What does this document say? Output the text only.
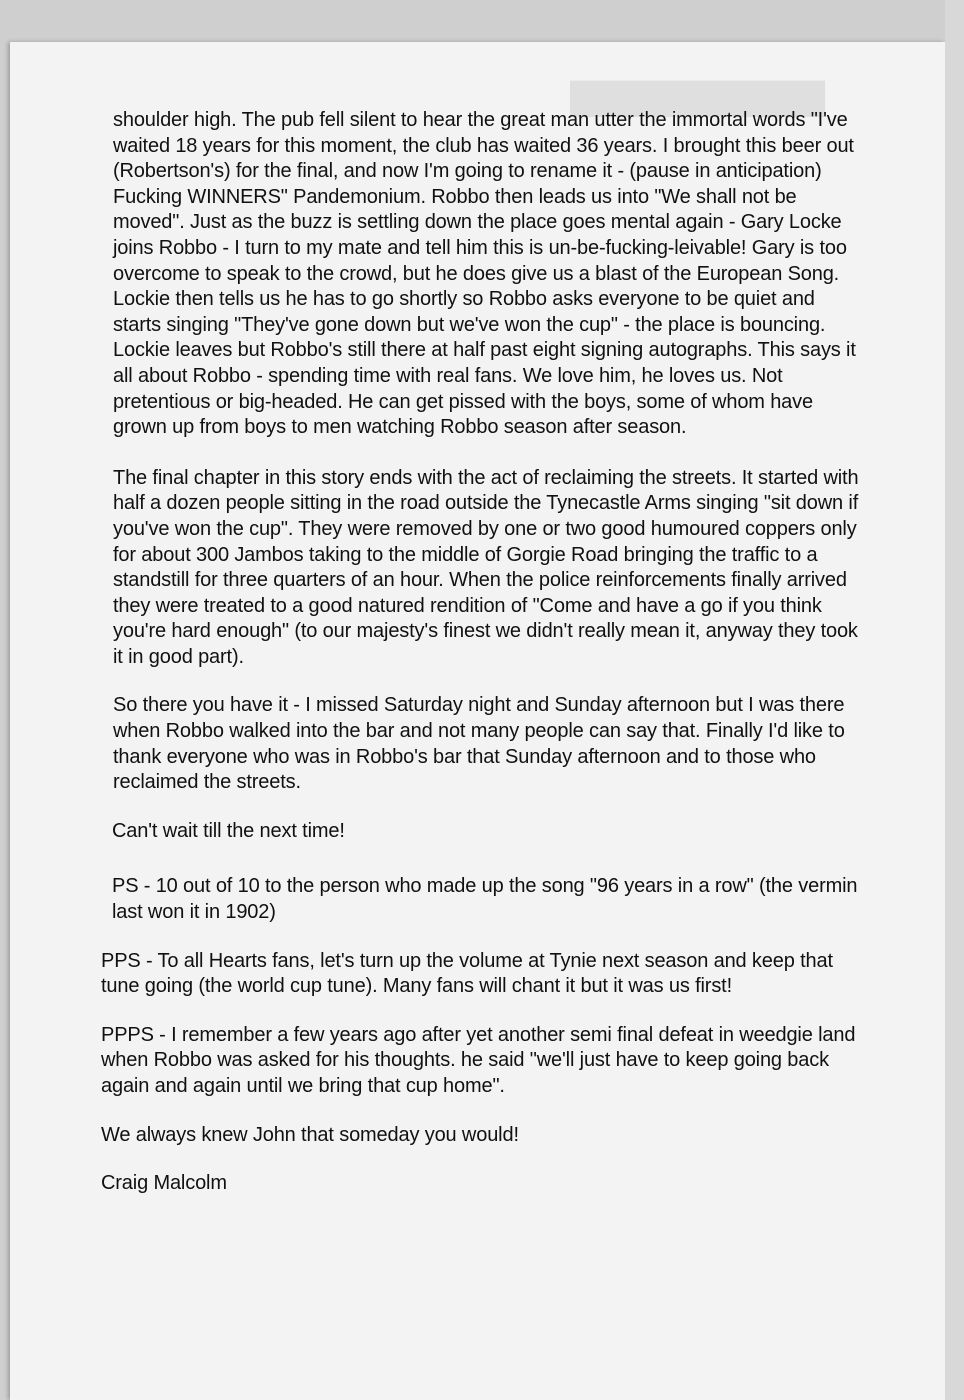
████████████

shoulder high. The pub fell silent to hear the great man utter the immortal words "I've waited 18 years for this moment, the club has waited 36 years. I brought this beer out (Robertson's) for the final, and now I'm going to rename it - (pause in anticipation) Fucking WINNERS" Pandemonium. Robbo then leads us into "We shall not be moved". Just as the buzz is settling down the place goes mental again - Gary Locke joins Robbo - I turn to my mate and tell him this is un-be-fucking-leivable! Gary is too overcome to speak to the crowd, but he does give us a blast of the European Song. Lockie then tells us he has to go shortly so Robbo asks everyone to be quiet and starts singing "They've gone down but we've won the cup" - the place is bouncing. Lockie leaves but Robbo's still there at half past eight signing autographs. This says it all about Robbo - spending time with real fans. We love him, he loves us. Not pretentious or big-headed. He can get pissed with the boys, some of whom have grown up from boys to men watching Robbo season after season.

The final chapter in this story ends with the act of reclaiming the streets. It started with half a dozen people sitting in the road outside the Tynecastle Arms singing "sit down if you've won the cup". They were removed by one or two good humoured coppers only for about 300 Jambos taking to the middle of Gorgie Road bringing the traffic to a standstill for three quarters of an hour. When the police reinforcements finally arrived they were treated to a good natured rendition of "Come and have a go if you think you're hard enough" (to our majesty's finest we didn't really mean it, anyway they took it in good part).

So there you have it - I missed Saturday night and Sunday afternoon but I was there when Robbo walked into the bar and not many people can say that. Finally I'd like to thank everyone who was in Robbo's bar that Sunday afternoon and to those who reclaimed the streets.

Can't wait till the next time!

PS - 10 out of 10 to the person who made up the song "96 years in a row" (the vermin last won it in 1902)

PPS - To all Hearts fans, let's turn up the volume at Tynie next season and keep that tune going (the world cup tune). Many fans will chant it but it was us first!

PPPS - I remember a few years ago after yet another semi final defeat in weedgie land when Robbo was asked for his thoughts. he said "we'll just have to keep going back again and again until we bring that cup home".

We always knew John that someday you would!

Craig Malcolm
